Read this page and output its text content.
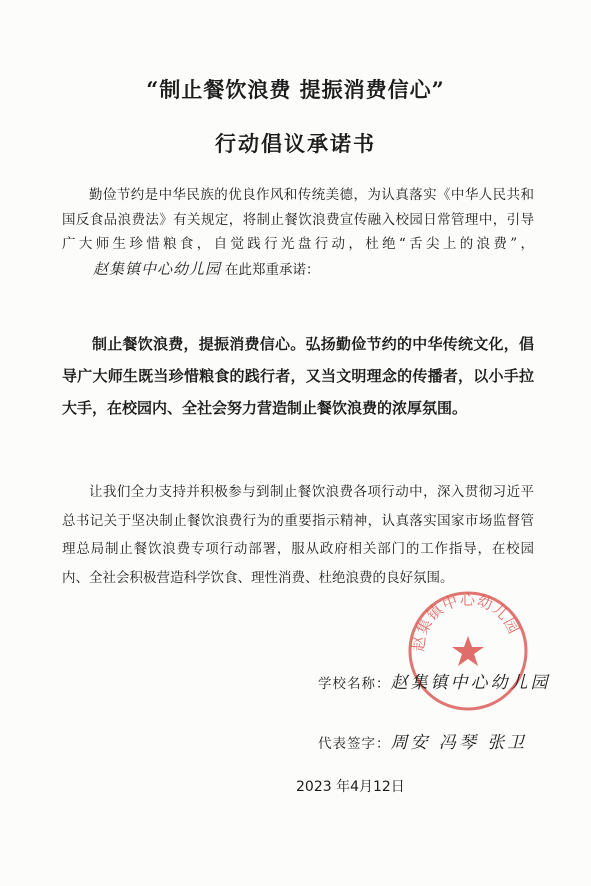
“制止餐饮浪费 提振消费信心”
行动倡议承诺书
勤俭节约是中华民族的优良作风和传统美德，为认真落实《中华人民共和国反食品浪费法》有关规定，将制止餐饮浪费宣传融入校园日常管理中，引导广大师生珍惜粮食，自觉践行光盘行动，杜绝“舌尖上的浪费”，赵集镇中心幼儿园 在此郑重承诺：
制止餐饮浪费，提振消费信心。弘扬勤俭节约的中华传统文化，倡导广大师生既当珍惜粮食的践行者，又当文明理念的传播者，以小手拉大手，在校园内、全社会努力营造制止餐饮浪费的浓厚氛围。
让我们全力支持并积极参与到制止餐饮浪费各项行动中，深入贯彻习近平总书记关于坚决制止餐饮浪费行为的重要指示精神，认真落实国家市场监督管理总局制止餐饮浪费专项行动部署，服从政府相关部门的工作指导，在校园内、全社会积极营造科学饮食、理性消费、杜绝浪费的良好氛围。
赵集镇中心幼儿园
学校名称：赵集镇中心幼儿园
代表签字：周安 冯琴 张卫
2023 年4月12日
